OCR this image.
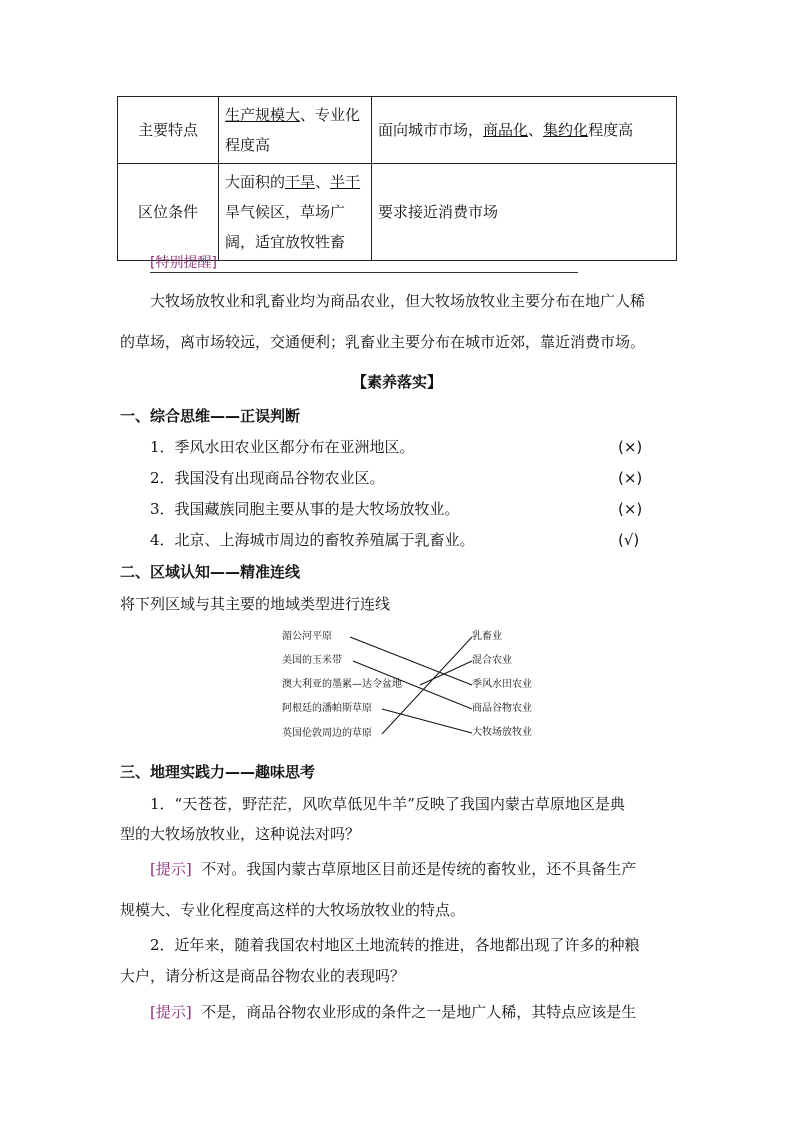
主要特点	生产规模大、专业化程度高	面向城市市场，商品化、集约化程度高
区位条件	大面积的干旱、半干旱气候区，草场广阔，适宜放牧牲畜	要求接近消费市场
[特别提醒]
大牧场放牧业和乳畜业均为商品农业，但大牧场放牧业主要分布在地广人稀
的草场，离市场较远，交通便利；乳畜业主要分布在城市近郊，靠近消费市场。
【素养落实】
一、综合思维——正误判断
1．季风水田农业区都分布在亚洲地区。	(×)
2．我国没有出现商品谷物农业区。	(×)
3．我国藏族同胞主要从事的是大牧场放牧业。	(×)
4．北京、上海城市周边的畜牧养殖属于乳畜业。	(√)
二、区域认知——精准连线
将下列区域与其主要的地域类型进行连线
湄公河平原
美国的玉米带
澳大利亚的墨累—达令盆地
阿根廷的潘帕斯草原
英国伦敦周边的草原
乳畜业
混合农业
季风水田农业
商品谷物农业
大牧场放牧业
三、地理实践力——趣味思考
1．“天苍苍，野茫茫，风吹草低见牛羊”反映了我国内蒙古草原地区是典
型的大牧场放牧业，这种说法对吗？
[提示] 不对。我国内蒙古草原地区目前还是传统的畜牧业，还不具备生产
规模大、专业化程度高这样的大牧场放牧业的特点。
2．近年来，随着我国农村地区土地流转的推进，各地都出现了许多的种粮
大户，请分析这是商品谷物农业的表现吗？
[提示] 不是，商品谷物农业形成的条件之一是地广人稀，其特点应该是生
